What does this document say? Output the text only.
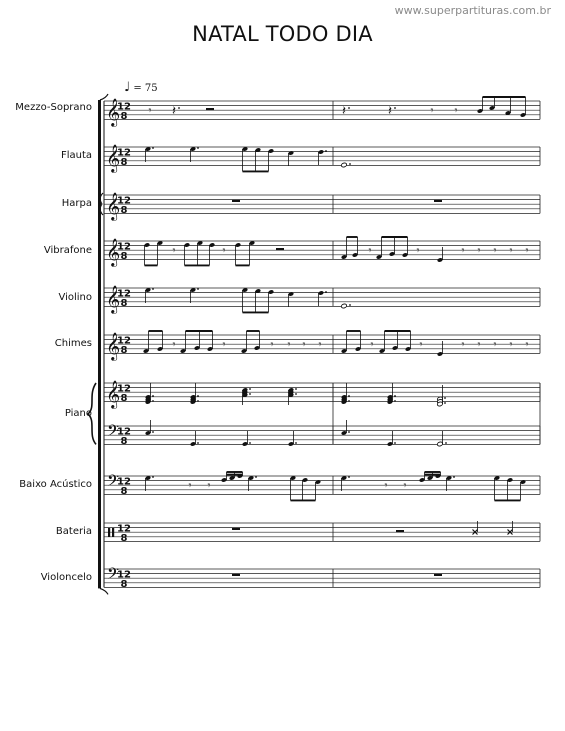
www.superpartituras.com.br
NATAL TODO DIA
♩ = 75
Mezzo-Soprano
Flauta
Harpa
Vibrafone
Violino
Chimes
Piano
Baixo Acústico
Bateria
Violoncelo
𝄞
12
8
𝄞
12
8
𝄞
12
8
𝄞
12
8
𝄞
12
8
𝄞
12
8
𝄞
12
8
𝄢
12
8
𝄢
12
8
12
8
𝄢
12
8
𝄾 𝄽	𝄽	𝄽	𝄾 𝄾
𝄾	𝄾	𝄾	𝄾	𝄾 𝄾 𝄾 𝄾 𝄾
𝄾	𝄾	𝄾 𝄾 𝄾 𝄾	𝄾	𝄾	𝄾 𝄾 𝄾 𝄾 𝄾
𝄾 𝄾	𝄾 𝄾
